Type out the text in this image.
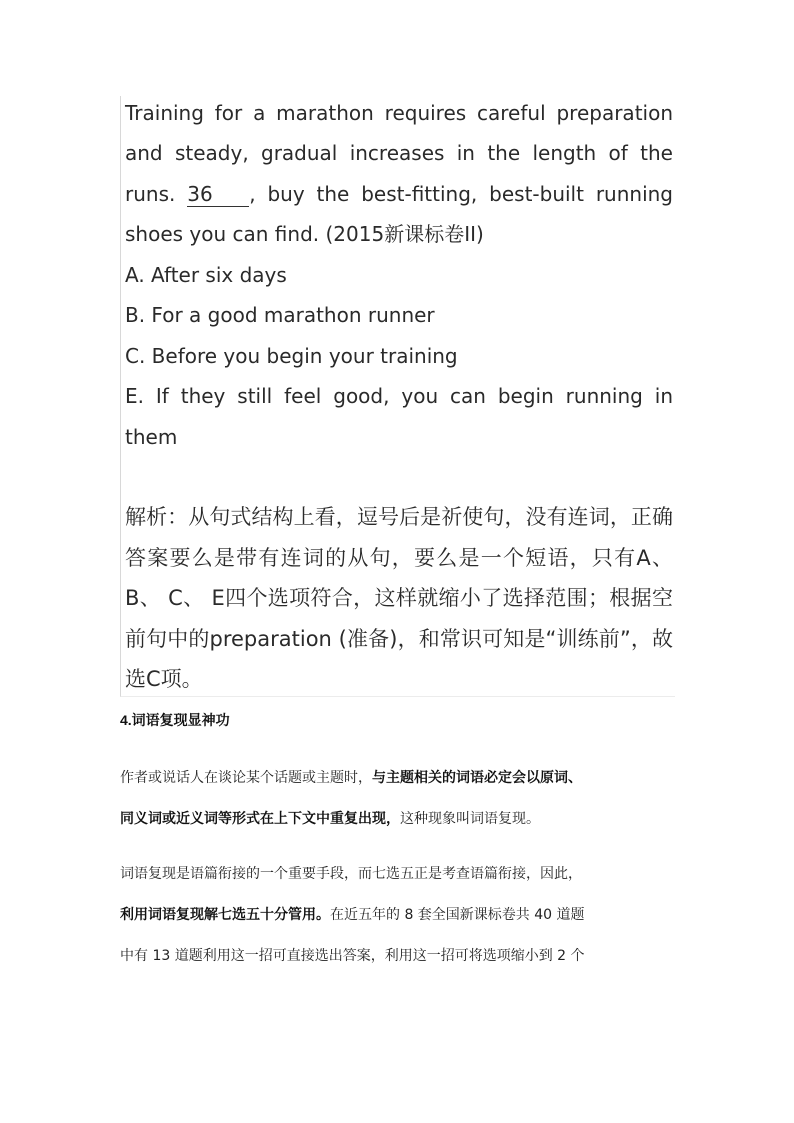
Training for a marathon requires careful preparation
and steady, gradual increases in the length of the
runs. 36 , buy the best-fitting, best-built running
shoes you can find. (2015新课标卷II)
A. After six days
B. For a good marathon runner
C. Before you begin your training
E. If they still feel good, you can begin running in
them
解析：从句式结构上看，逗号后是祈使句，没有连词，正确
答案要么是带有连词的从句，要么是一个短语，只有A、
B、 C、 E四个选项符合，这样就缩小了选择范围；根据空
前句中的preparation (准备)，和常识可知是“训练前”，故
选C项。
4.词语复现显神功
作者或说话人在谈论某个话题或主题时，与主题相关的词语必定会以原词、
同义词或近义词等形式在上下文中重复出现，这种现象叫词语复现。
词语复现是语篇衔接的一个重要手段，而七选五正是考查语篇衔接，因此，
利用词语复现解七选五十分管用。在近五年的 8 套全国新课标卷共 40 道题
中有 13 道题利用这一招可直接选出答案，利用这一招可将选项缩小到 2 个
